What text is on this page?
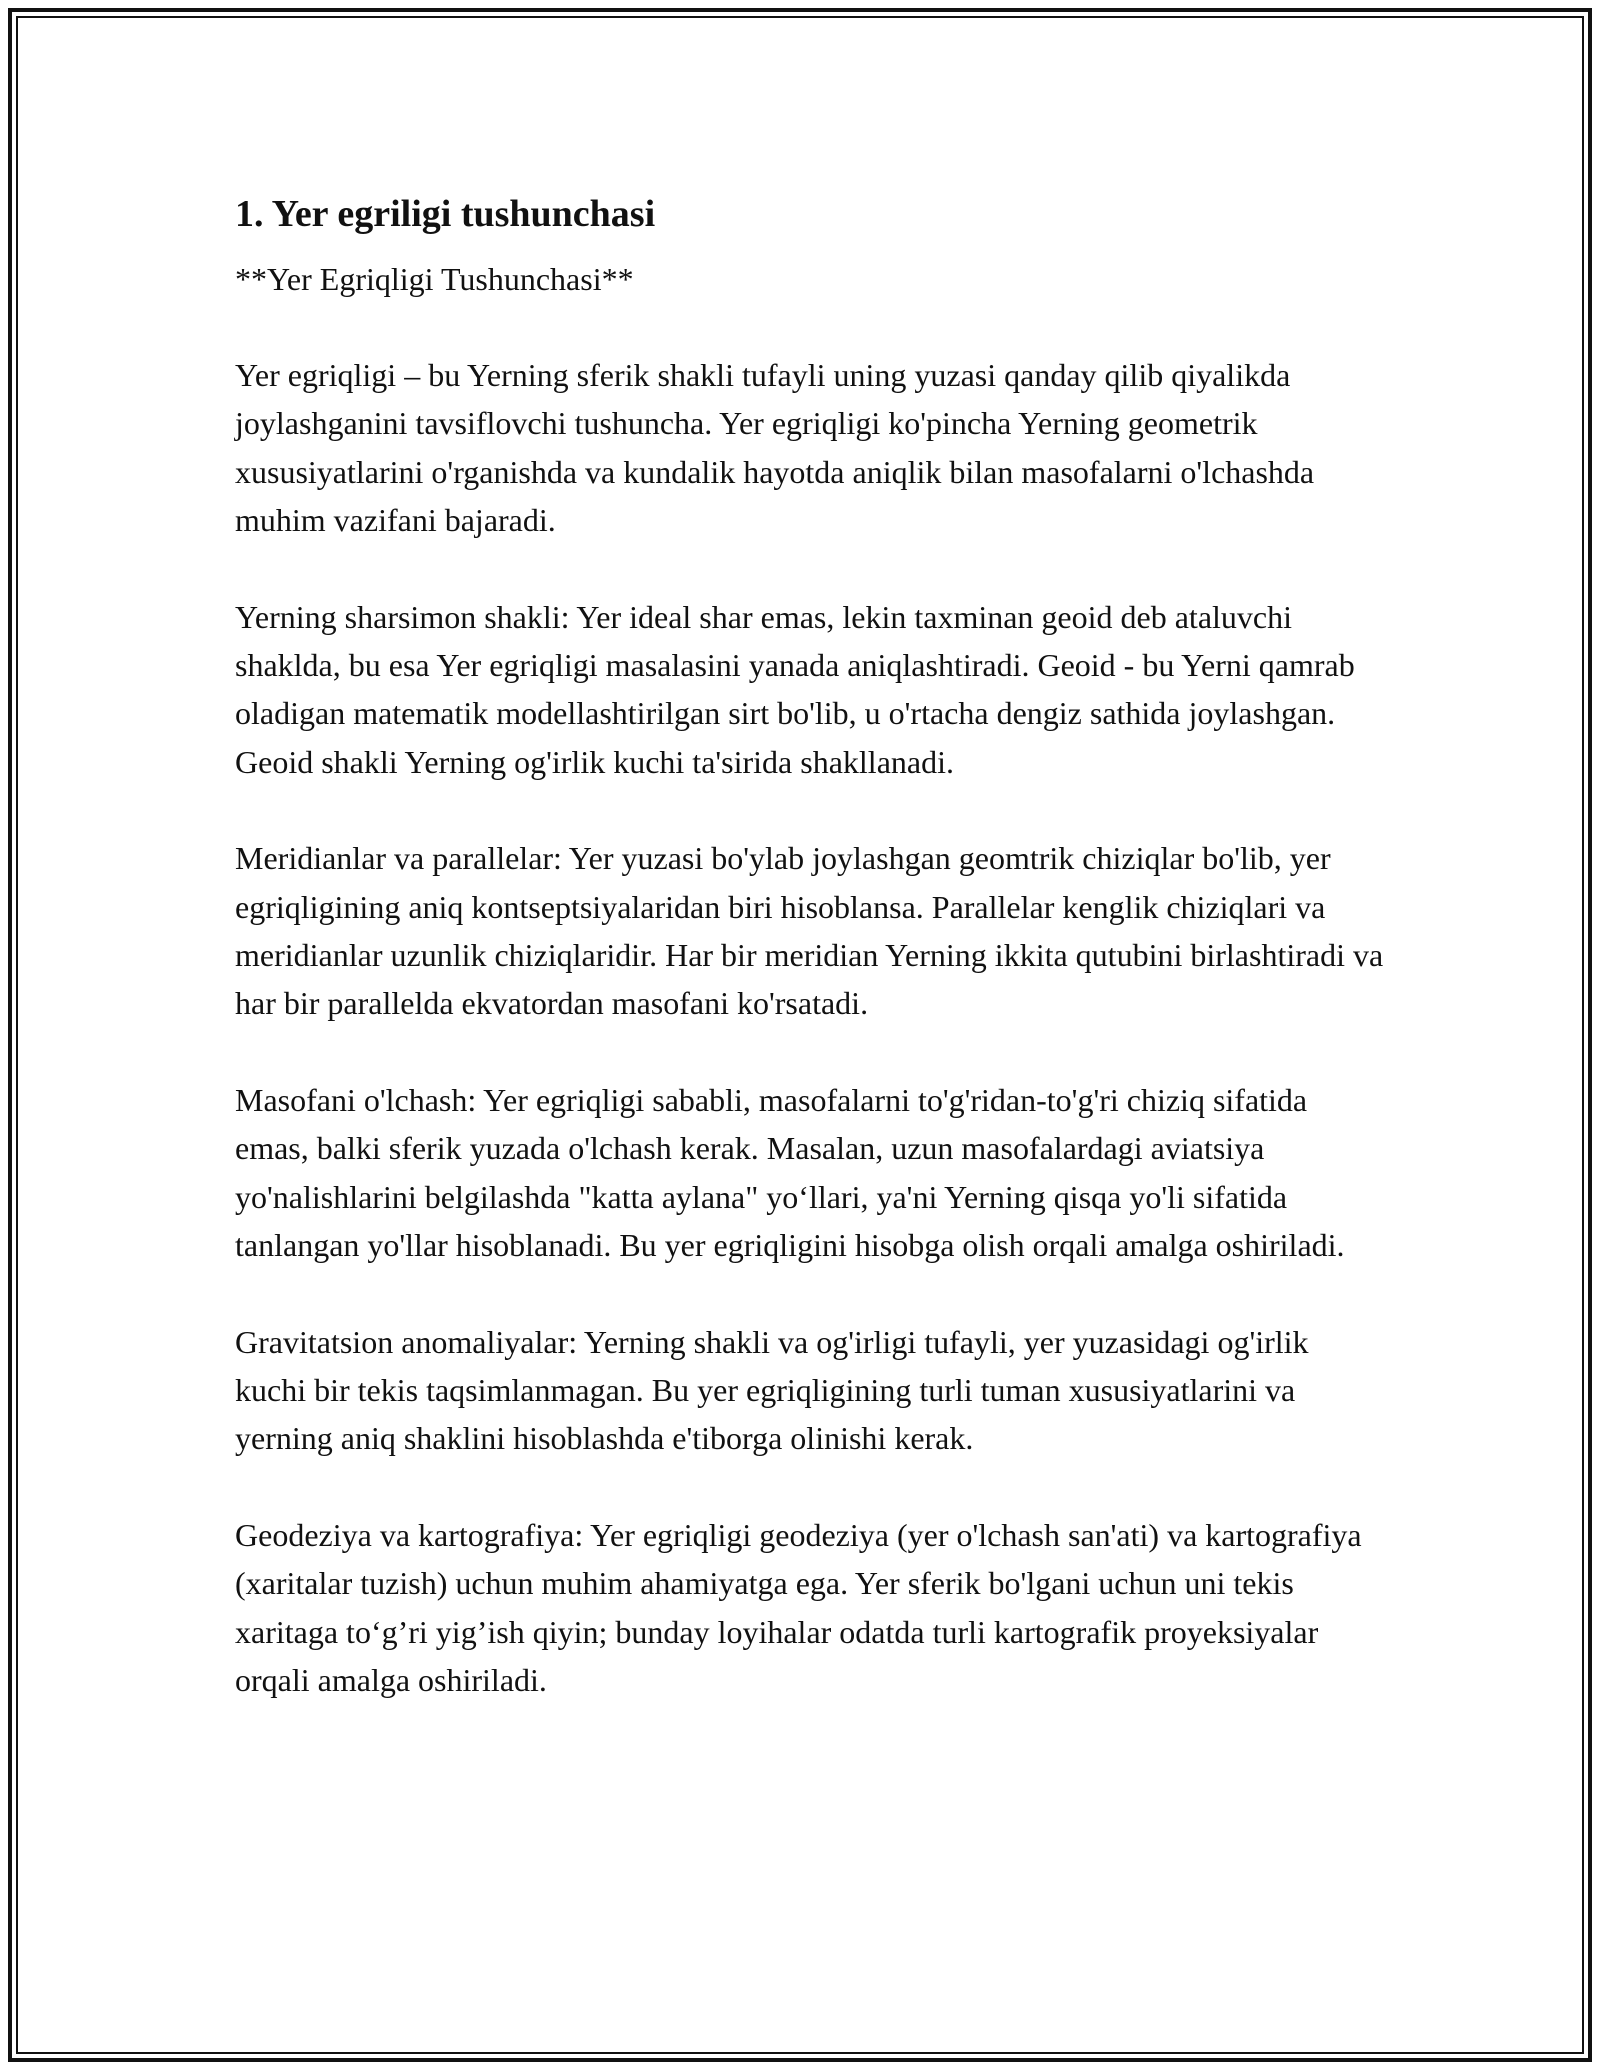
1. Yer egriligi tushunchasi

**Yer Egriqligi Tushunchasi**

Yer egriqligi – bu Yerning sferik shakli tufayli uning yuzasi qanday qilib qiyalikda joylashganini tavsiflovchi tushuncha. Yer egriqligi ko'pincha Yerning geometrik xususiyatlarini o'rganishda va kundalik hayotda aniqlik bilan masofalarni o'lchashda muhim vazifani bajaradi.

Yerning sharsimon shakli: Yer ideal shar emas, lekin taxminan geoid deb ataluvchi shakldа, bu esa Yer egriqligi masalasini yanada aniqlashtiradi. Geoid - bu Yerni qamrab oladigan matematik modellashtirilgan sirt bo'lib, u o'rtacha dengiz sathida joylashgan. Geoid shakli Yerning og'irlik kuchi ta'sirida shakllanadi.

Meridianlar va parallelar: Yer yuzasi bo'ylab joylashgan geomtrik chiziqlar bo'lib, yer egriqligining aniq kontseptsiyalaridan biri hisoblansa. Parallelar kenglik chiziqlari va meridianlar uzunlik chiziqlaridir. Har bir meridian Yerning ikkita qutubini birlashtiradi va har bir parallelda ekvatordan masofani ko'rsatadi.

Masofani o'lchash: Yer egriqligi sababli, masofalarni to'g'ridan-to'g'ri chiziq sifatida emas, balki sferik yuzada o'lchash kerak. Masalan, uzun masofalardagi aviatsiya yo'nalishlarini belgilashda "katta aylana" yo‘llari, ya'ni Yerning qisqa yo'li sifatida tanlangan yo'llar hisoblanadi. Bu yer egriqligini hisobga olish orqali amalga oshiriladi.

Gravitatsion anomaliyalar: Yerning shakli va og'irligi tufayli, yer yuzasidagi og'irlik kuchi bir tekis taqsimlanmagan. Bu yer egriqligining turli tuman xususiyatlarini va yerning aniq shaklini hisoblashda e'tiborga olinishi kerak.

Geodeziya va kartografiya: Yer egriqligi geodeziya (yer o'lchash san'ati) va kartografiya (xaritalar tuzish) uchun muhim ahamiyatga ega. Yer sferik bo'lgani uchun uni tekis xaritaga to‘g’ri yig’ish qiyin; bunday loyihalar odatda turli kartografik proyeksiyalar orqali amalga oshiriladi.
